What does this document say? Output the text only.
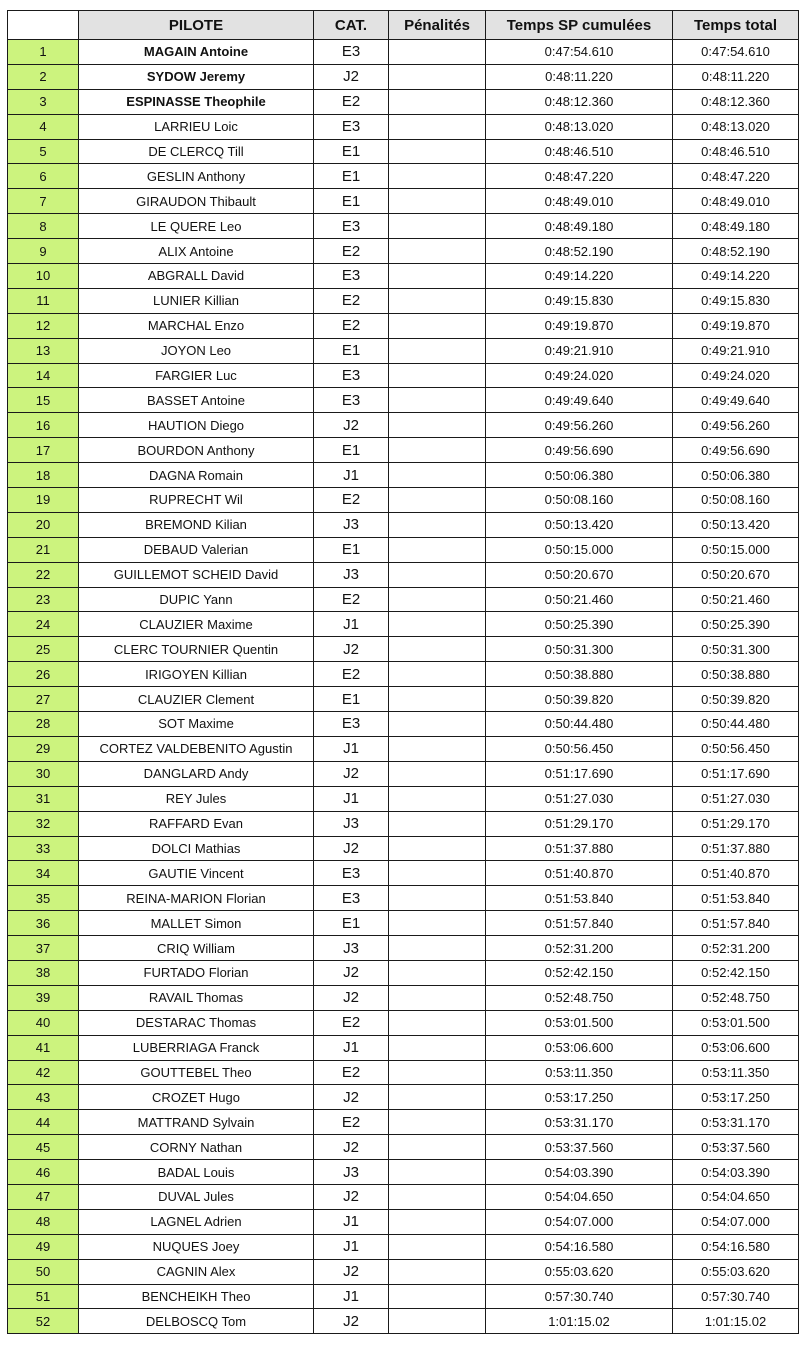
	PILOTE	CAT.	Pénalités	Temps SP cumulées	Temps total
1	MAGAIN Antoine	E3		0:47:54.610	0:47:54.610
2	SYDOW Jeremy	J2		0:48:11.220	0:48:11.220
3	ESPINASSE Theophile	E2		0:48:12.360	0:48:12.360
4	LARRIEU Loic	E3		0:48:13.020	0:48:13.020
5	DE CLERCQ Till	E1		0:48:46.510	0:48:46.510
6	GESLIN Anthony	E1		0:48:47.220	0:48:47.220
7	GIRAUDON Thibault	E1		0:48:49.010	0:48:49.010
8	LE QUERE Leo	E3		0:48:49.180	0:48:49.180
9	ALIX Antoine	E2		0:48:52.190	0:48:52.190
10	ABGRALL David	E3		0:49:14.220	0:49:14.220
11	LUNIER Killian	E2		0:49:15.830	0:49:15.830
12	MARCHAL Enzo	E2		0:49:19.870	0:49:19.870
13	JOYON Leo	E1		0:49:21.910	0:49:21.910
14	FARGIER Luc	E3		0:49:24.020	0:49:24.020
15	BASSET Antoine	E3		0:49:49.640	0:49:49.640
16	HAUTION Diego	J2		0:49:56.260	0:49:56.260
17	BOURDON Anthony	E1		0:49:56.690	0:49:56.690
18	DAGNA Romain	J1		0:50:06.380	0:50:06.380
19	RUPRECHT Wil	E2		0:50:08.160	0:50:08.160
20	BREMOND Kilian	J3		0:50:13.420	0:50:13.420
21	DEBAUD Valerian	E1		0:50:15.000	0:50:15.000
22	GUILLEMOT SCHEID David	J3		0:50:20.670	0:50:20.670
23	DUPIC Yann	E2		0:50:21.460	0:50:21.460
24	CLAUZIER Maxime	J1		0:50:25.390	0:50:25.390
25	CLERC TOURNIER Quentin	J2		0:50:31.300	0:50:31.300
26	IRIGOYEN Killian	E2		0:50:38.880	0:50:38.880
27	CLAUZIER Clement	E1		0:50:39.820	0:50:39.820
28	SOT Maxime	E3		0:50:44.480	0:50:44.480
29	CORTEZ VALDEBENITO Agustin	J1		0:50:56.450	0:50:56.450
30	DANGLARD Andy	J2		0:51:17.690	0:51:17.690
31	REY Jules	J1		0:51:27.030	0:51:27.030
32	RAFFARD Evan	J3		0:51:29.170	0:51:29.170
33	DOLCI Mathias	J2		0:51:37.880	0:51:37.880
34	GAUTIE Vincent	E3		0:51:40.870	0:51:40.870
35	REINA-MARION Florian	E3		0:51:53.840	0:51:53.840
36	MALLET Simon	E1		0:51:57.840	0:51:57.840
37	CRIQ William	J3		0:52:31.200	0:52:31.200
38	FURTADO Florian	J2		0:52:42.150	0:52:42.150
39	RAVAIL Thomas	J2		0:52:48.750	0:52:48.750
40	DESTARAC Thomas	E2		0:53:01.500	0:53:01.500
41	LUBERRIAGA Franck	J1		0:53:06.600	0:53:06.600
42	GOUTTEBEL Theo	E2		0:53:11.350	0:53:11.350
43	CROZET Hugo	J2		0:53:17.250	0:53:17.250
44	MATTRAND Sylvain	E2		0:53:31.170	0:53:31.170
45	CORNY Nathan	J2		0:53:37.560	0:53:37.560
46	BADAL Louis	J3		0:54:03.390	0:54:03.390
47	DUVAL Jules	J2		0:54:04.650	0:54:04.650
48	LAGNEL Adrien	J1		0:54:07.000	0:54:07.000
49	NUQUES Joey	J1		0:54:16.580	0:54:16.580
50	CAGNIN Alex	J2		0:55:03.620	0:55:03.620
51	BENCHEIKH Theo	J1		0:57:30.740	0:57:30.740
52	DELBOSCQ Tom	J2		1:01:15.02	1:01:15.02
